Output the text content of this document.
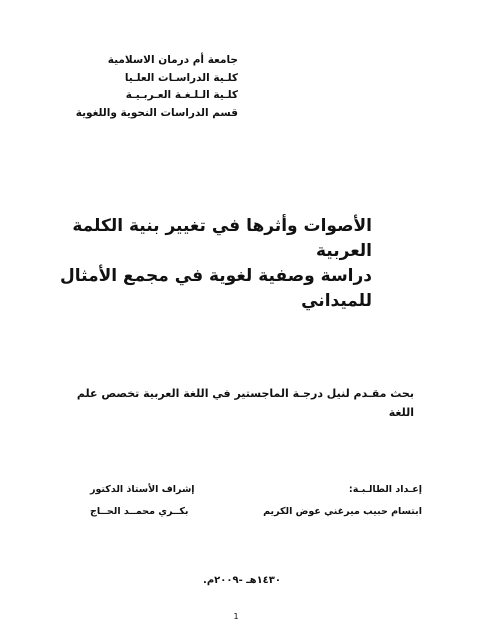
جامعة أم درمان الاسلامية
كلـية الدراسـات العلـيا
كلـية الـلـغـة العـربـيـة
قسم الدراسات النحوية واللغوية
الأصوات وأثرها في تغيير بنية الكلمة
العربية
دراسة وصفية لغوية في مجمع الأمثال
للميداني
بحث مقـدم لنيل درجـة الماجستير في اللغة العربية تخصص علم
اللغة
إعـداد الطالـبـة:
إشراف الأستاذ الدكتور
ابتسام حبيب ميرغني عوض الكريم
بكــري محمــد الحــاج
١٤٣٠هـ -٢٠٠٩م.
1
